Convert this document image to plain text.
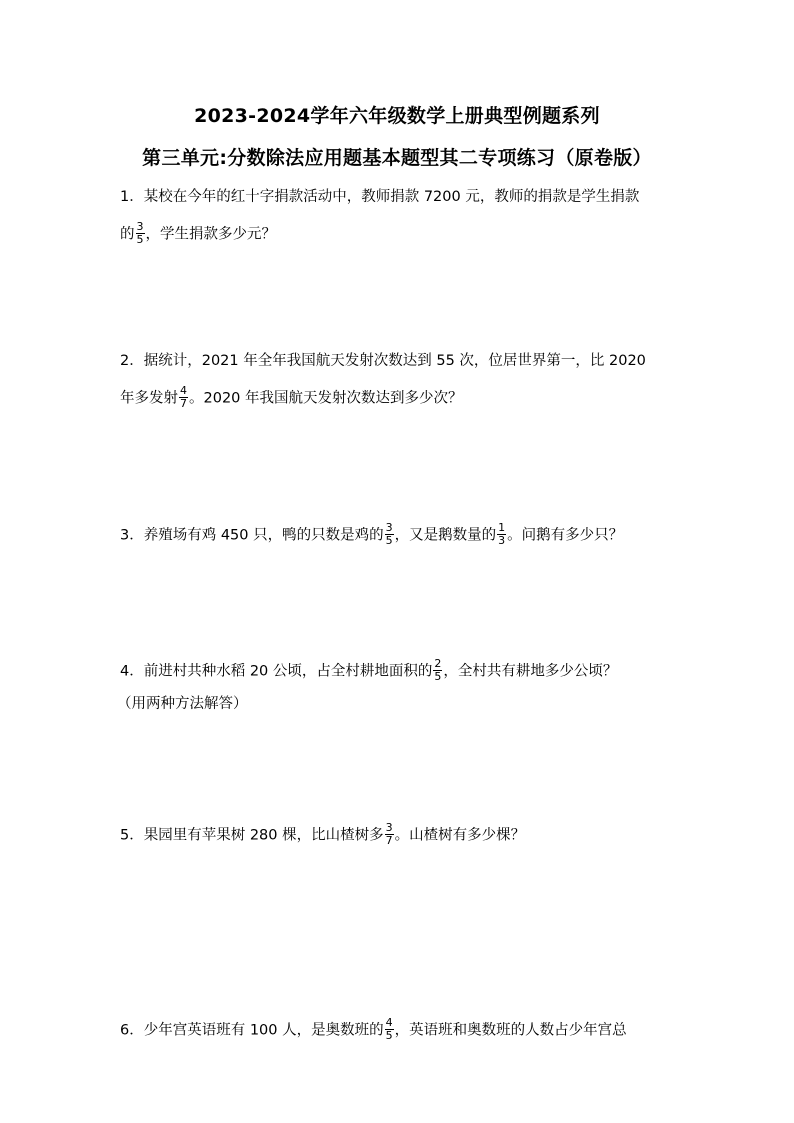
2023-2024学年六年级数学上册典型例题系列
第三单元:分数除法应用题基本题型其二专项练习（原卷版）
1．某校在今年的红十字捐款活动中，教师捐款 7200 元，教师的捐款是学生捐款
的 $\frac{3}{5}$ ，学生捐款多少元？
2．据统计，2021 年全年我国航天发射次数达到 55 次，位居世界第一，比 2020
年多发射 $\frac{4}{7}$ 。2020 年我国航天发射次数达到多少次？
3．养殖场有鸡 450 只，鸭的只数是鸡的 $\frac{3}{5}$ ，又是鹅数量的 $\frac{1}{3}$ 。问鹅有多少只？
4．前进村共种水稻 20 公顷，占全村耕地面积的 $\frac{2}{5}$ ，全村共有耕地多少公顷？
（用两种方法解答）
5．果园里有苹果树 280 棵，比山楂树多 $\frac{3}{7}$ 。山楂树有多少棵？
6．少年宫英语班有 100 人，是奥数班的 $\frac{4}{5}$ ，英语班和奥数班的人数占少年宫总
